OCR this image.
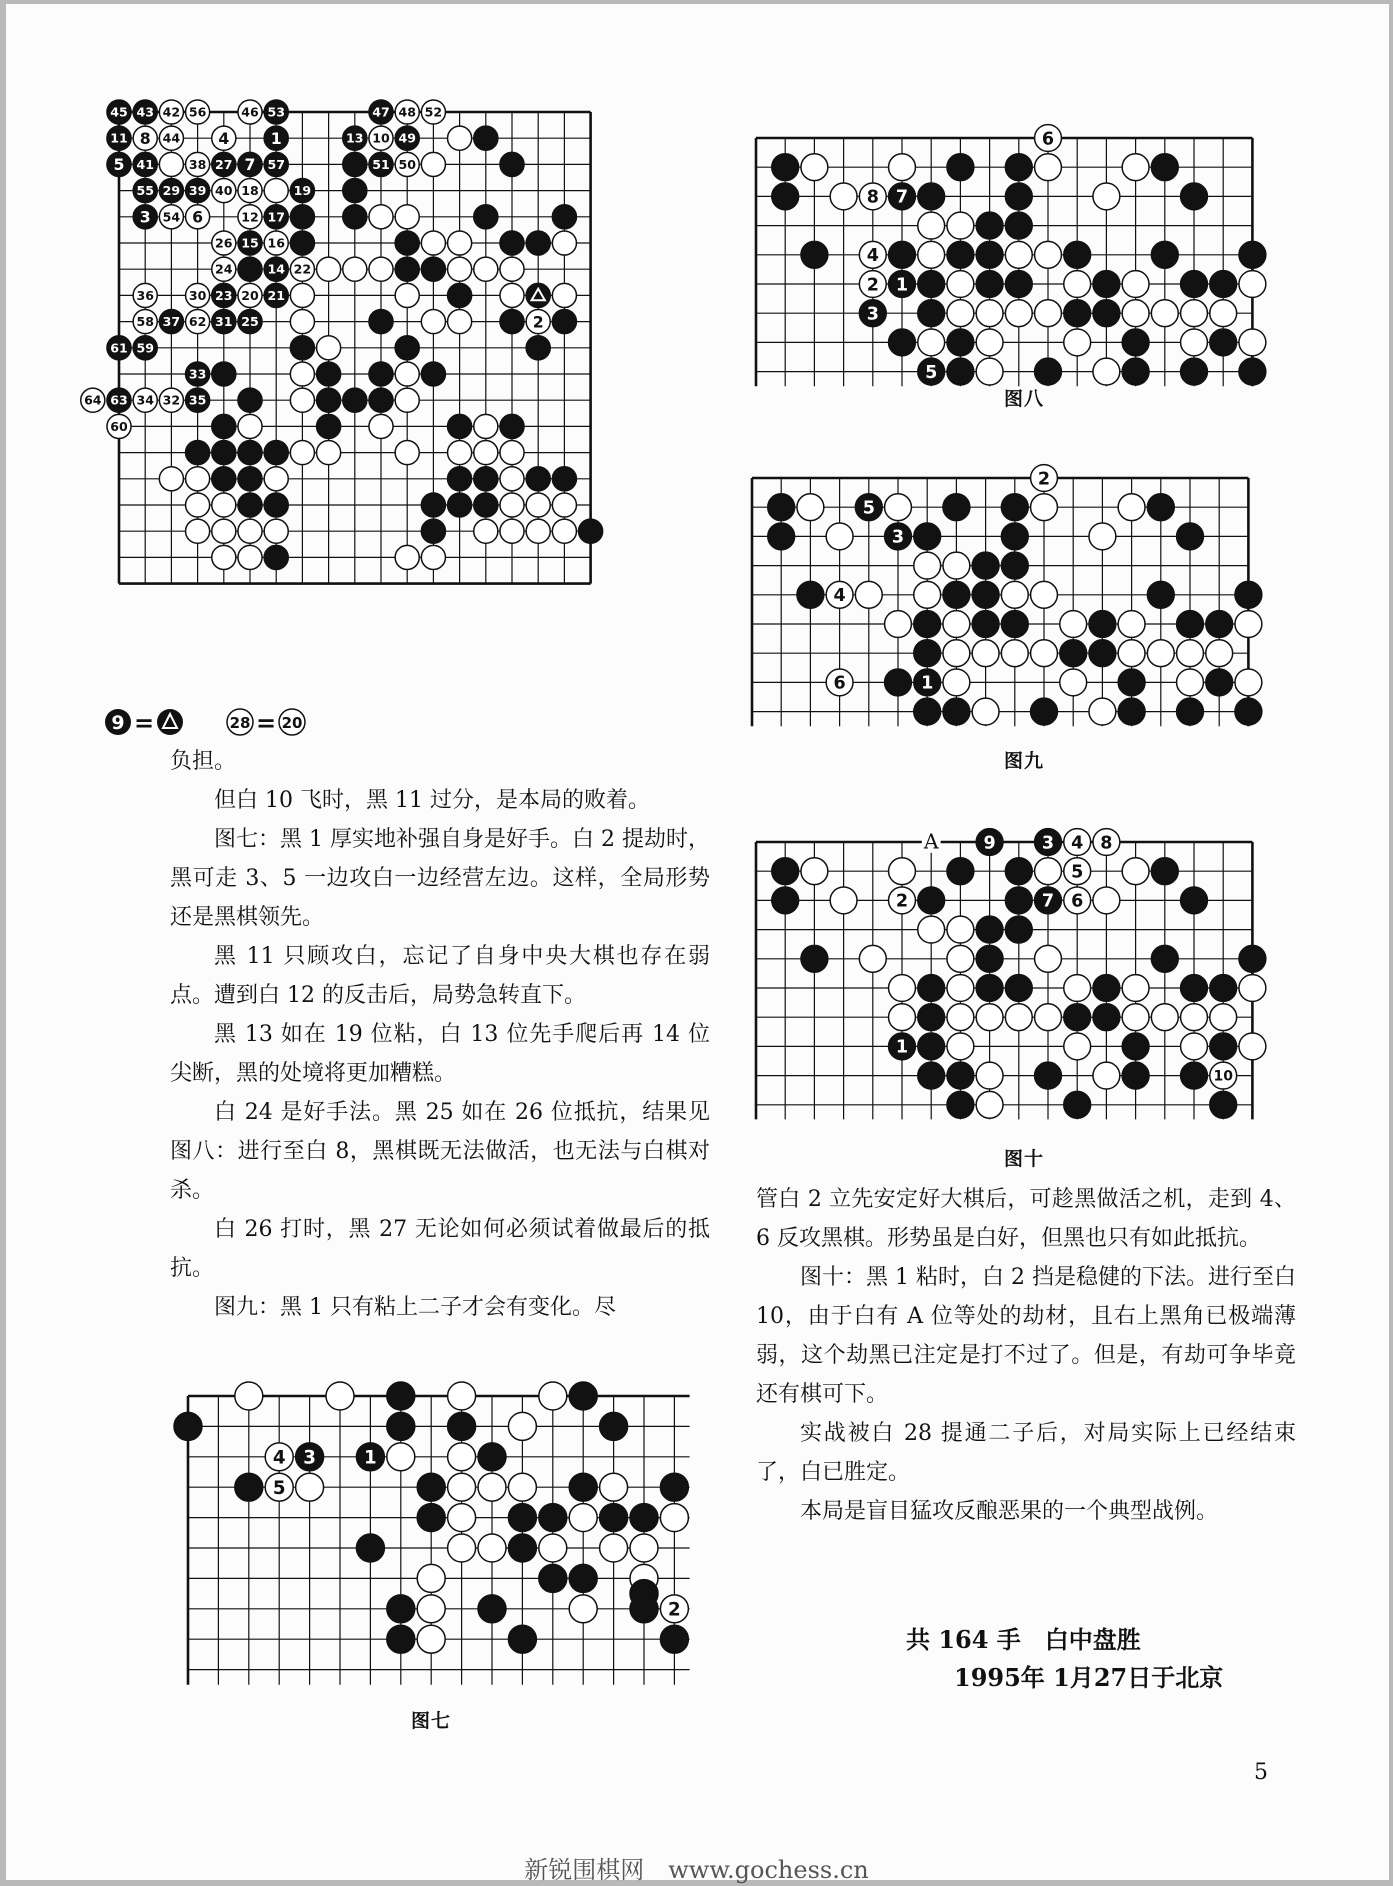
45 43 42 56	46 53	47 48 52
11 8 44 4	1	13 10 49
5 41	38 27 7 57	51 50
55 29 39 40 18	19
3 54 6	12 17
26 15 16
24	14 22
36	30 23 20 21
58 37 62 31 25	2
61 59
33
64 63 34 32 35
60
9 =	28 = 20
4 3	1
5
2
图七
6
8 7
4
2 1
3
5
图八
2
5
3
4
6	1
图九
A	9	3 4 8
5
2	7 6
1
10
图十

负担。

但白 10 飞时，黑 11 过分，是本局的败着。

图七：黑 1 厚实地补强自身是好手。白 2 提劫时，黑可走 3、5 一边攻白一边经营左边。这样，全局形势还是黑棋领先。

黑 11 只顾攻白，忘记了自身中央大棋也存在弱点。遭到白 12 的反击后，局势急转直下。

黑 13 如在 19 位粘，白 13 位先手爬后再 14 位尖断，黑的处境将更加糟糕。

白 24 是好手法。黑 25 如在 26 位抵抗，结果见图八：进行至白 8，黑棋既无法做活，也无法与白棋对杀。

白 26 打时，黑 27 无论如何必须试着做最后的抵抗。

图九：黑 1 只有粘上二子才会有变化。尽

管白 2 立先安定好大棋后，可趁黑做活之机，走到 4、6 反攻黑棋。形势虽是白好，但黑也只有如此抵抗。

图十：黑 1 粘时，白 2 挡是稳健的下法。进行至白 10，由于白有 A 位等处的劫材，且右上黑角已极端薄弱，这个劫黑已注定是打不过了。但是，有劫可争毕竟还有棋可下。

实战被白 28 提通二子后，对局实际上已经结束了，白已胜定。

本局是盲目猛攻反酿恶果的一个典型战例。

共 164 手　白中盘胜
1995年 1月27日于北京
5
新锐围棋网　www.gochess.cn
